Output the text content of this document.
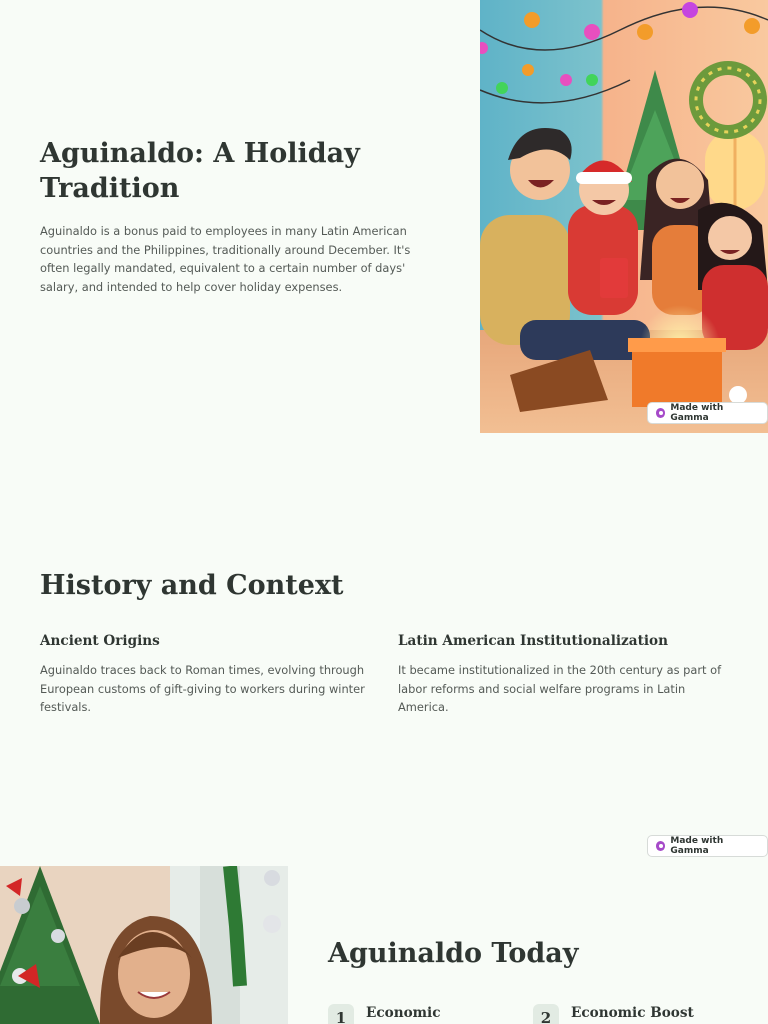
Aguinaldo: A Holiday Tradition

Aguinaldo is a bonus paid to employees in many Latin American countries and the Philippines, traditionally around December. It's often legally mandated, equivalent to a certain number of days' salary, and intended to help cover holiday expenses.

Made with Gamma
History and Context
Ancient Origins

Aguinaldo traces back to Roman times, evolving through European customs of gift-giving to workers during winter festivals.

Latin American Institutionalization

It became institutionalized in the 20th century as part of labor reforms and social welfare programs in Latin America.

Made with Gamma
Aguinaldo Today
1	Economic	2	Economic Boost
